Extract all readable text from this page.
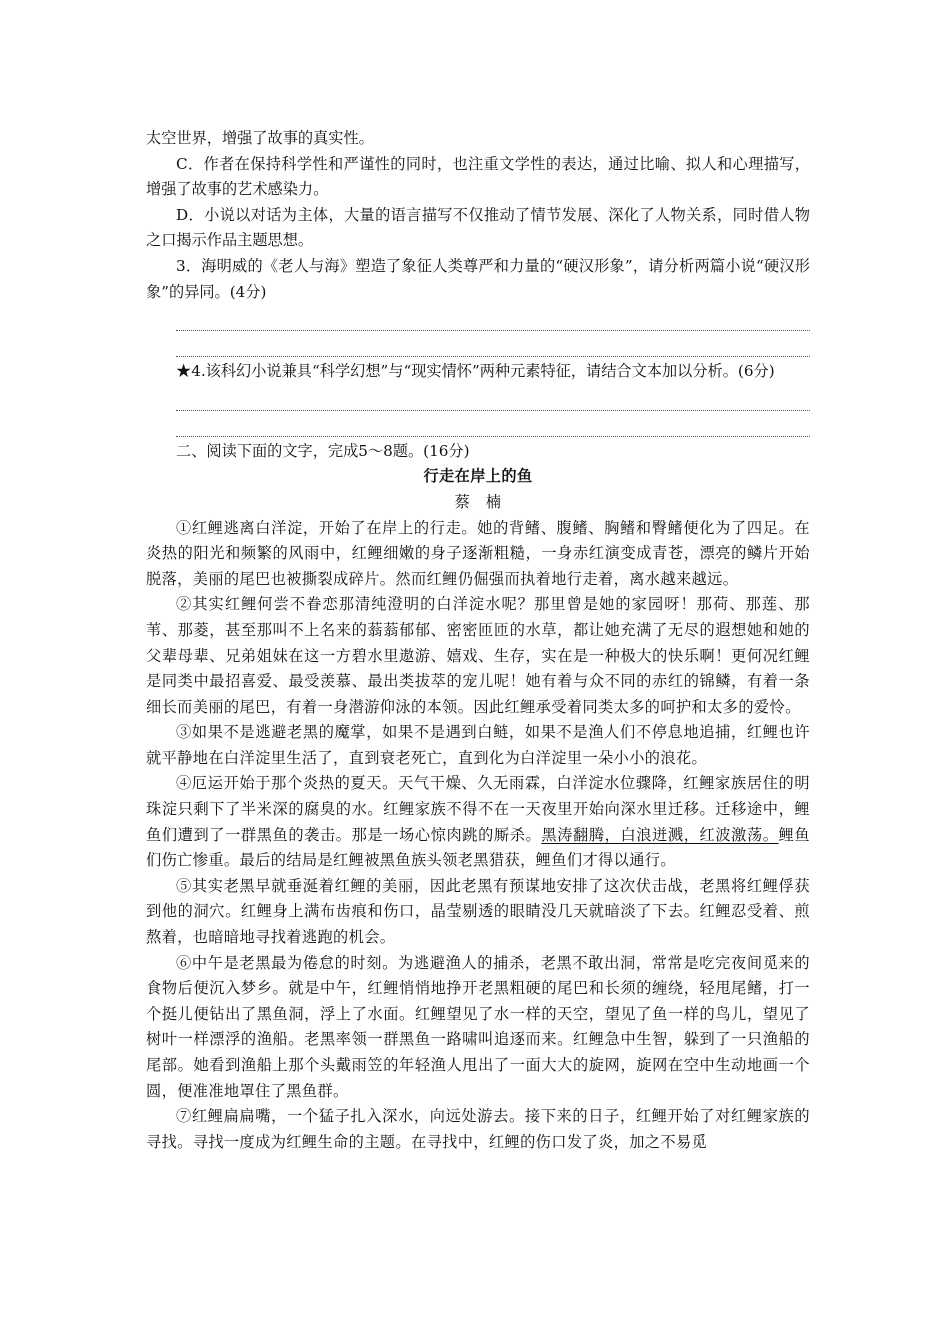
太空世界，增强了故事的真实性。

C．作者在保持科学性和严谨性的同时，也注重文学性的表达，通过比喻、拟人和心理描写，增强了故事的艺术感染力。

D．小说以对话为主体，大量的语言描写不仅推动了情节发展、深化了人物关系，同时借人物之口揭示作品主题思想。

3．海明威的《老人与海》塑造了象征人类尊严和力量的“硬汉形象”，请分析两篇小说“硬汉形象”的异同。(4分)

★4.该科幻小说兼具“科学幻想”与“现实情怀”两种元素特征，请结合文本加以分析。(6分)

二、阅读下面的文字，完成5～8题。(16分)

行走在岸上的鱼

蔡　楠

①红鲤逃离白洋淀，开始了在岸上的行走。她的背鳍、腹鳍、胸鳍和臀鳍便化为了四足。在炎热的阳光和频繁的风雨中，红鲤细嫩的身子逐渐粗糙，一身赤红演变成青苍，漂亮的鳞片开始脱落，美丽的尾巴也被撕裂成碎片。然而红鲤仍倔强而执着地行走着，离水越来越远。

②其实红鲤何尝不眷恋那清纯澄明的白洋淀水呢？那里曾是她的家园呀！那荷、那莲、那苇、那菱，甚至那叫不上名来的蓊蓊郁郁、密密匝匝的水草，都让她充满了无尽的遐想她和她的父辈母辈、兄弟姐妹在这一方碧水里遨游、嬉戏、生存，实在是一种极大的快乐啊！更何况红鲤是同类中最招喜爱、最受羡慕、最出类拔萃的宠儿呢！她有着与众不同的赤红的锦鳞，有着一条细长而美丽的尾巴，有着一身潜游仰泳的本领。因此红鲤承受着同类太多的呵护和太多的爱怜。

③如果不是逃避老黑的魔掌，如果不是遇到白鲢，如果不是渔人们不停息地追捕，红鲤也许就平静地在白洋淀里生活了，直到衰老死亡，直到化为白洋淀里一朵小小的浪花。

④厄运开始于那个炎热的夏天。天气干燥、久无雨霖，白洋淀水位骤降，红鲤家族居住的明珠淀只剩下了半米深的腐臭的水。红鲤家族不得不在一天夜里开始向深水里迁移。迁移途中，鲤鱼们遭到了一群黑鱼的袭击。那是一场心惊肉跳的厮杀。黑涛翻腾，白浪迸溅，红波激荡。鲤鱼们伤亡惨重。最后的结局是红鲤被黑鱼族头领老黑猎获，鲤鱼们才得以通行。

⑤其实老黑早就垂涎着红鲤的美丽，因此老黑有预谋地安排了这次伏击战，老黑将红鲤俘获到他的洞穴。红鲤身上满布齿痕和伤口，晶莹剔透的眼睛没几天就暗淡了下去。红鲤忍受着、煎熬着，也暗暗地寻找着逃跑的机会。

⑥中午是老黑最为倦怠的时刻。为逃避渔人的捕杀，老黑不敢出洞，常常是吃完夜间觅来的食物后便沉入梦乡。就是中午，红鲤悄悄地挣开老黑粗硬的尾巴和长须的缠绕，轻甩尾鳍，打一个挺儿便钻出了黑鱼洞，浮上了水面。红鲤望见了水一样的天空，望见了鱼一样的鸟儿，望见了树叶一样漂浮的渔船。老黑率领一群黑鱼一路啸叫追逐而来。红鲤急中生智，躲到了一只渔船的尾部。她看到渔船上那个头戴雨笠的年轻渔人甩出了一面大大的旋网，旋网在空中生动地画一个圆，便准准地罩住了黑鱼群。

⑦红鲤扁扁嘴，一个猛子扎入深水，向远处游去。接下来的日子，红鲤开始了对红鲤家族的寻找。寻找一度成为红鲤生命的主题。在寻找中，红鲤的伤口发了炎，加之不易觅
